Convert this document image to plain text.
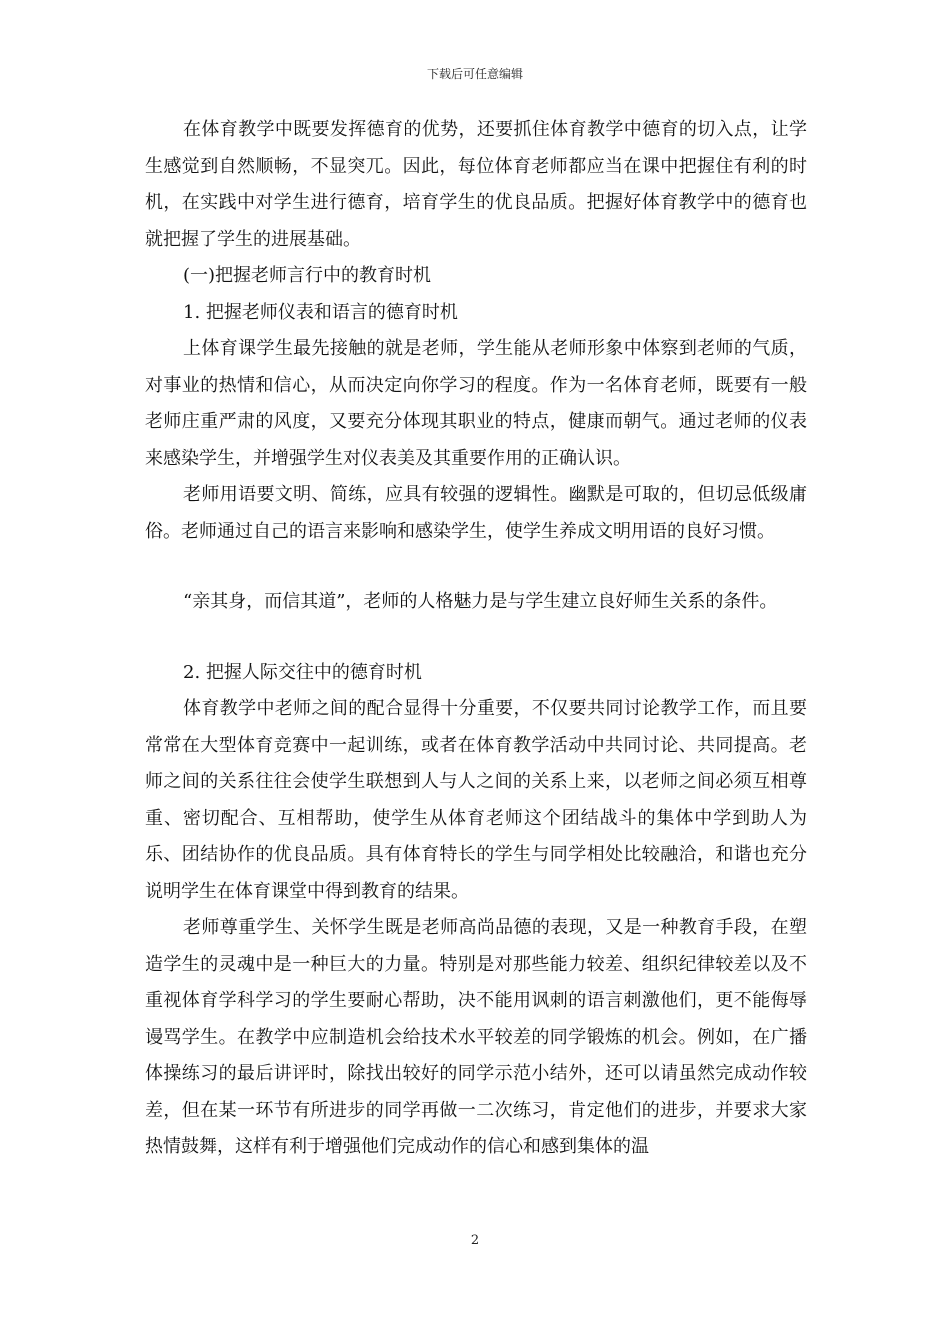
下载后可任意编辑

在体育教学中既要发挥德育的优势，还要抓住体育教学中德育的切入点，让学生感觉到自然顺畅，不显突兀。因此，每位体育老师都应当在课中把握住有利的时机，在实践中对学生进行德育，培育学生的优良品质。把握好体育教学中的德育也就把握了学生的进展基础。

(一)把握老师言行中的教育时机

1. 把握老师仪表和语言的德育时机

上体育课学生最先接触的就是老师，学生能从老师形象中体察到老师的气质，对事业的热情和信心，从而决定向你学习的程度。作为一名体育老师，既要有一般老师庄重严肃的风度，又要充分体现其职业的特点，健康而朝气。通过老师的仪表来感染学生，并增强学生对仪表美及其重要作用的正确认识。

老师用语要文明、简练，应具有较强的逻辑性。幽默是可取的，但切忌低级庸俗。老师通过自己的语言来影响和感染学生，使学生养成文明用语的良好习惯。

“亲其身，而信其道”，老师的人格魅力是与学生建立良好师生关系的条件。

2. 把握人际交往中的德育时机

体育教学中老师之间的配合显得十分重要，不仅要共同讨论教学工作，而且要常常在大型体育竞赛中一起训练，或者在体育教学活动中共同讨论、共同提高。老师之间的关系往往会使学生联想到人与人之间的关系上来，以老师之间必须互相尊重、密切配合、互相帮助，使学生从体育老师这个团结战斗的集体中学到助人为乐、团结协作的优良品质。具有体育特长的学生与同学相处比较融洽，和谐也充分说明学生在体育课堂中得到教育的结果。

老师尊重学生、关怀学生既是老师高尚品德的表现，又是一种教育手段，在塑造学生的灵魂中是一种巨大的力量。特别是对那些能力较差、组织纪律较差以及不重视体育学科学习的学生要耐心帮助，决不能用讽刺的语言刺激他们，更不能侮辱谩骂学生。在教学中应制造机会给技术水平较差的同学锻炼的机会。例如，在广播体操练习的最后讲评时，除找出较好的同学示范小结外，还可以请虽然完成动作较差，但在某一环节有所进步的同学再做一二次练习，肯定他们的进步，并要求大家热情鼓舞，这样有利于增强他们完成动作的信心和感到集体的温

2
